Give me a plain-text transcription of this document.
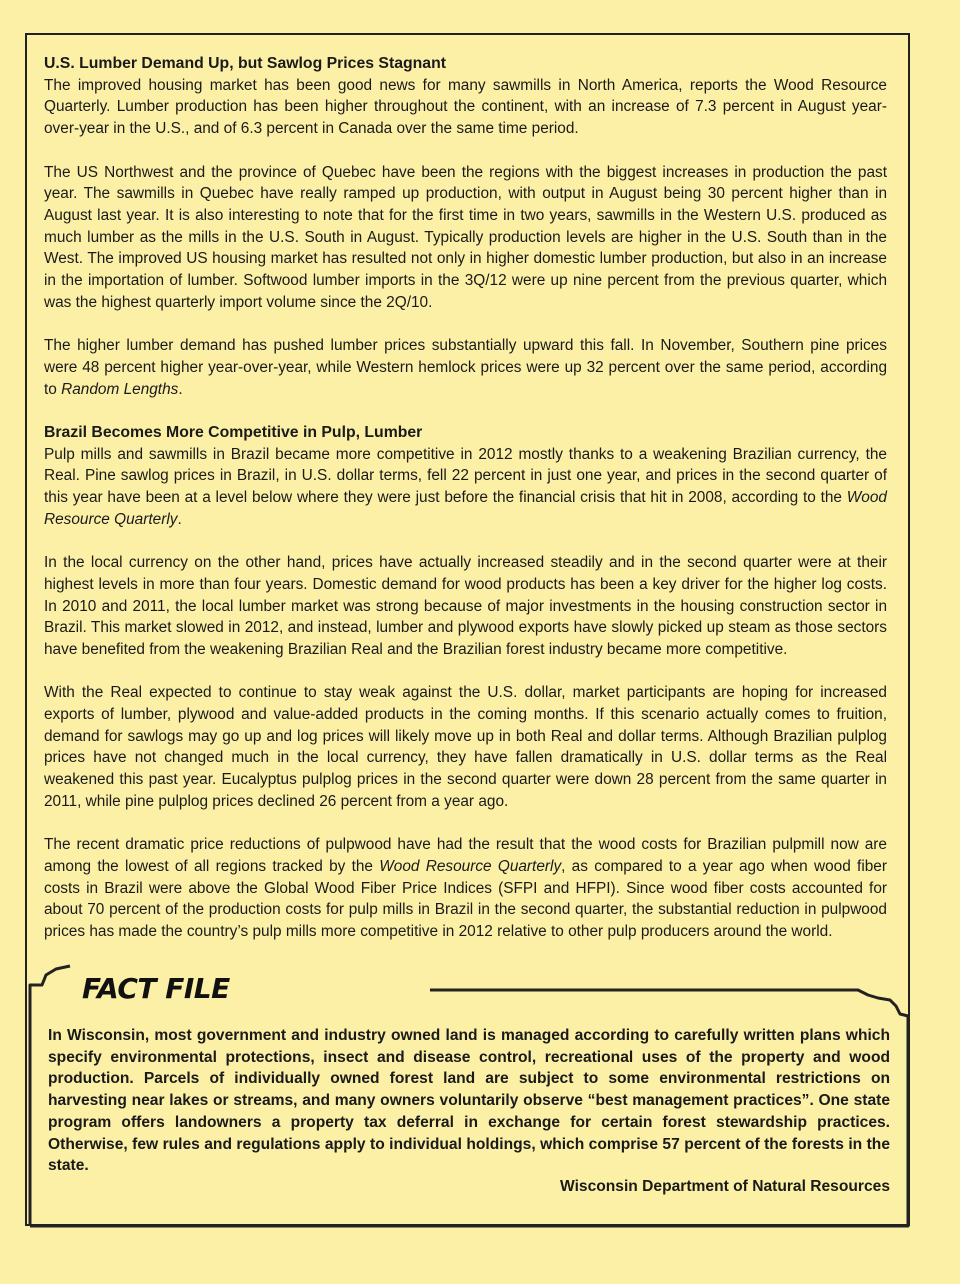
U.S. Lumber Demand Up, but Sawlog Prices Stagnant

The improved housing market has been good news for many sawmills in North America, reports the Wood Resource Quarterly. Lumber production has been higher throughout the continent, with an increase of 7.3 percent in August year-over-year in the U.S., and of 6.3 percent in Canada over the same time period.

The US Northwest and the province of Quebec have been the regions with the biggest increases in production the past year. The sawmills in Quebec have really ramped up production, with output in August being 30 percent higher than in August last year. It is also interesting to note that for the first time in two years, sawmills in the Western U.S. produced as much lumber as the mills in the U.S. South in August. Typically production levels are higher in the U.S. South than in the West. The improved US housing market has resulted not only in higher domestic lumber production, but also in an increase in the importation of lumber. Softwood lumber imports in the 3Q/12 were up nine percent from the previous quarter, which was the highest quarterly import volume since the 2Q/10.

The higher lumber demand has pushed lumber prices substantially upward this fall. In November, Southern pine prices were 48 percent higher year-over-year, while Western hemlock prices were up 32 percent over the same period, according to Random Lengths.

Brazil Becomes More Competitive in Pulp, Lumber

Pulp mills and sawmills in Brazil became more competitive in 2012 mostly thanks to a weakening Brazilian currency, the Real. Pine sawlog prices in Brazil, in U.S. dollar terms, fell 22 percent in just one year, and prices in the second quarter of this year have been at a level below where they were just before the financial crisis that hit in 2008, according to the Wood Resource Quarterly.

In the local currency on the other hand, prices have actually increased steadily and in the second quarter were at their highest levels in more than four years. Domestic demand for wood products has been a key driver for the higher log costs. In 2010 and 2011, the local lumber market was strong because of major investments in the housing construction sector in Brazil. This market slowed in 2012, and instead, lumber and plywood exports have slowly picked up steam as those sectors have benefited from the weakening Brazilian Real and the Brazilian forest industry became more competitive.

With the Real expected to continue to stay weak against the U.S. dollar, market participants are hoping for increased exports of lumber, plywood and value-added products in the coming months. If this scenario actually comes to fruition, demand for sawlogs may go up and log prices will likely move up in both Real and dollar terms. Although Brazilian pulplog prices have not changed much in the local currency, they have fallen dramatically in U.S. dollar terms as the Real weakened this past year. Eucalyptus pulplog prices in the second quarter were down 28 percent from the same quarter in 2011, while pine pulplog prices declined 26 percent from a year ago.

The recent dramatic price reductions of pulpwood have had the result that the wood costs for Brazilian pulpmill now are among the lowest of all regions tracked by the Wood Resource Quarterly, as compared to a year ago when wood fiber costs in Brazil were above the Global Wood Fiber Price Indices (SFPI and HFPI). Since wood fiber costs accounted for about 70 percent of the production costs for pulp mills in Brazil in the second quarter, the substantial reduction in pulpwood prices has made the country’s pulp mills more competitive in 2012 relative to other pulp producers around the world.

FACT FILE
In Wisconsin, most government and industry owned land is managed according to carefully written plans which specify environmental protections, insect and disease control, recreational uses of the property and wood production. Parcels of individually owned forest land are subject to some environmental restrictions on harvesting near lakes or streams, and many owners voluntarily observe “best management practices”. One state program offers landowners a property tax deferral in exchange for certain forest stewardship practices. Otherwise, few rules and regulations apply to individual holdings, which comprise 57 percent of the forests in the state.
Wisconsin Department of Natural Resources
